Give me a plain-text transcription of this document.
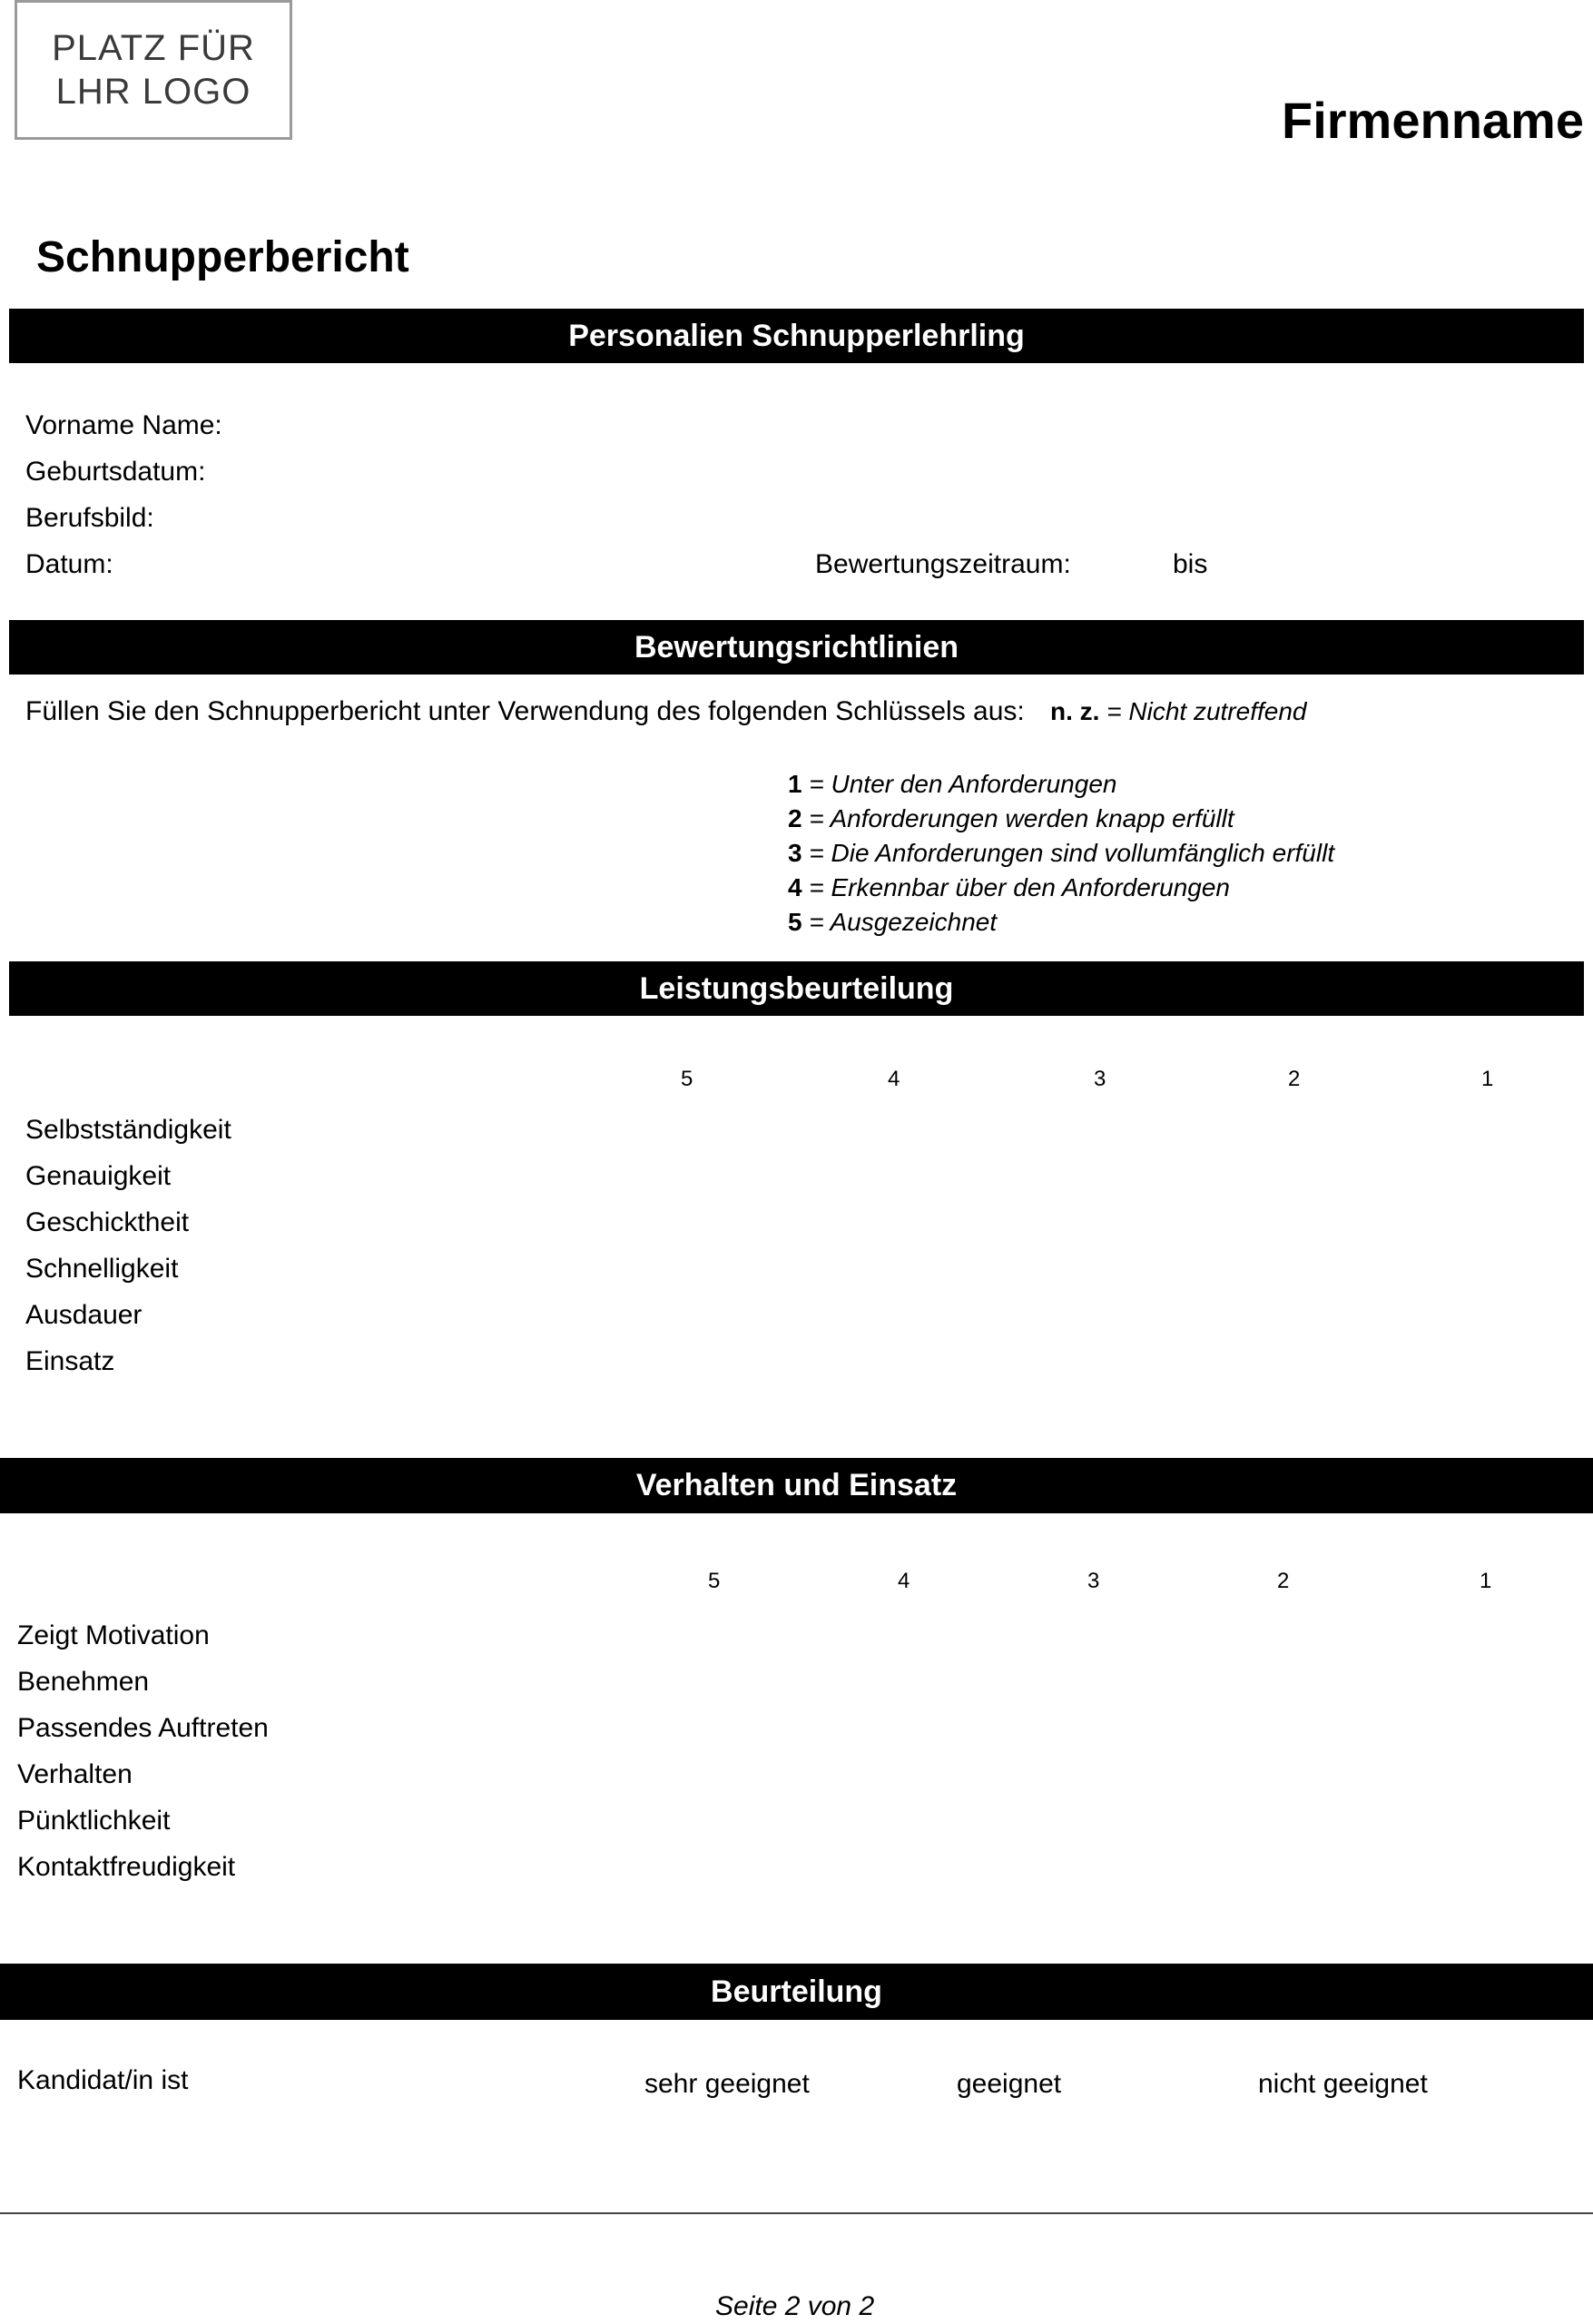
PLATZ FÜR
LHR LOGO	Firmenname
Schnupperbericht
Personalien Schnupperlehrling
Vorname Name:
Geburtsdatum:
Berufsbild:
Datum:	Bewertungszeitraum:	bis
Bewertungsrichtlinien
Füllen Sie den Schnupperbericht unter Verwendung des folgenden Schlüssels aus: n. z. = Nicht zutreffend
1 = Unter den Anforderungen
2 = Anforderungen werden knapp erfüllt
3 = Die Anforderungen sind vollumfänglich erfüllt
4 = Erkennbar über den Anforderungen
5 = Ausgezeichnet
Leistungsbeurteilung
5	4	3	2	1
Selbstständigkeit
Genauigkeit
Geschicktheit
Schnelligkeit
Ausdauer
Einsatz
Verhalten und Einsatz
5	4	3	2	1
Zeigt Motivation
Benehmen
Passendes Auftreten
Verhalten
Pünktlichkeit
Kontaktfreudigkeit
Beurteilung
Kandidat/in ist	sehr geeignet	geeignet	nicht geeignet
Seite 2 von 2
